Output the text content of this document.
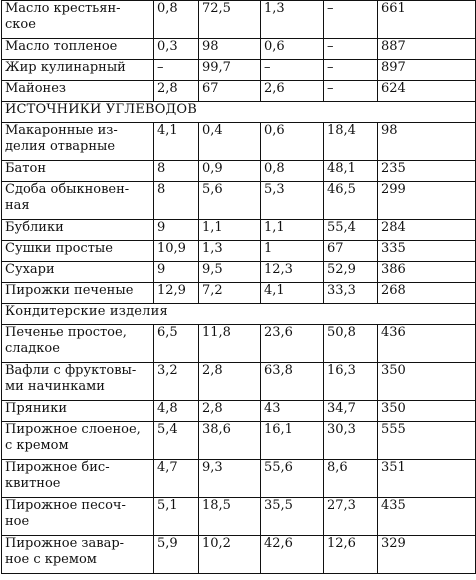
Масло крестьян-
ское	0,8	72,5	1,3	–	661
Масло топленое	0,3	98	0,6	–	887
Жир кулинарный	–	99,7	–	–	897
Майонез	2,8	67	2,6	–	624
ИСТОЧНИКИ УГЛЕВОДОВ					
Макаронные из-
делия отварные	4,1	0,4	0,6	18,4	98
Батон	8	0,9	0,8	48,1	235
Сдоба обыкновен-
ная	8	5,6	5,3	46,5	299
Бублики	9	1,1	1,1	55,4	284
Сушки простые	10,9	1,3	1	67	335
Сухари	9	9,5	12,3	52,9	386
Пирожки печеные	12,9	7,2	4,1	33,3	268
Кондитерские изделия					
Печенье простое,
сладкое	6,5	11,8	23,6	50,8	436
Вафли с фруктовы-
ми начинками	3,2	2,8	63,8	16,3	350
Пряники	4,8	2,8	43	34,7	350
Пирожное слоеное,
с кремом	5,4	38,6	16,1	30,3	555
Пирожное бис-
квитное	4,7	9,3	55,6	8,6	351
Пирожное песоч-
ное	5,1	18,5	35,5	27,3	435
Пирожное завар-
ное с кремом	5,9	10,2	42,6	12,6	329
